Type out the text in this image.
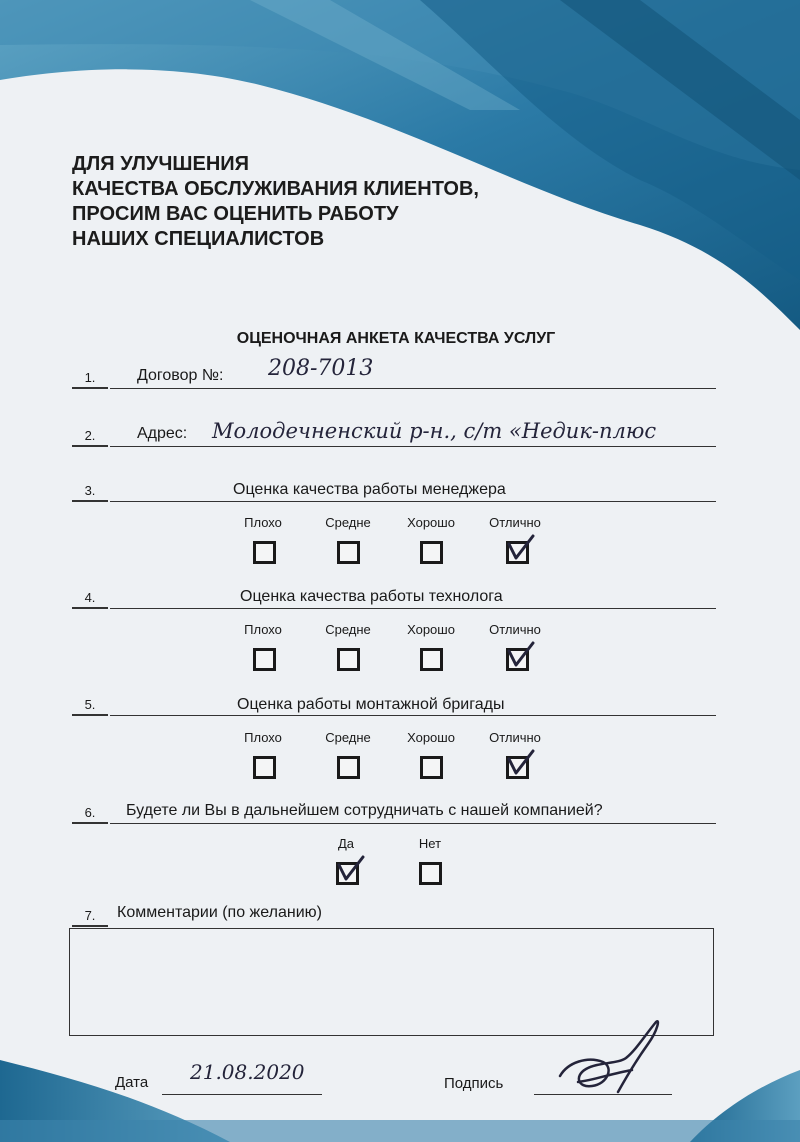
ДЛЯ УЛУЧШЕНИЯ
КАЧЕСТВА ОБСЛУЖИВАНИЯ КЛИЕНТОВ,
ПРОСИМ ВАС ОЦЕНИТЬ РАБОТУ
НАШИХ СПЕЦИАЛИСТОВ
ОЦЕНОЧНАЯ АНКЕТА КАЧЕСТВА УСЛУГ
1.	Договор №: 208-7013
2.	Адрес: Молодечненский р-н., с/т «Недик-плюс
3.	Оценка качества работы менеджера
Плохо	Средне	Хорошо	Отлично
4.	Оценка качества работы технолога
Плохо	Средне	Хорошо	Отлично
5.	Оценка работы монтажной бригады
Плохо	Средне	Хорошо	Отлично
6.	Будете ли Вы в дальнейшем сотрудничать с нашей компанией?
Да	Нет
7.	Комментарии (по желанию)
Дата 21.08.2020	Подпись
